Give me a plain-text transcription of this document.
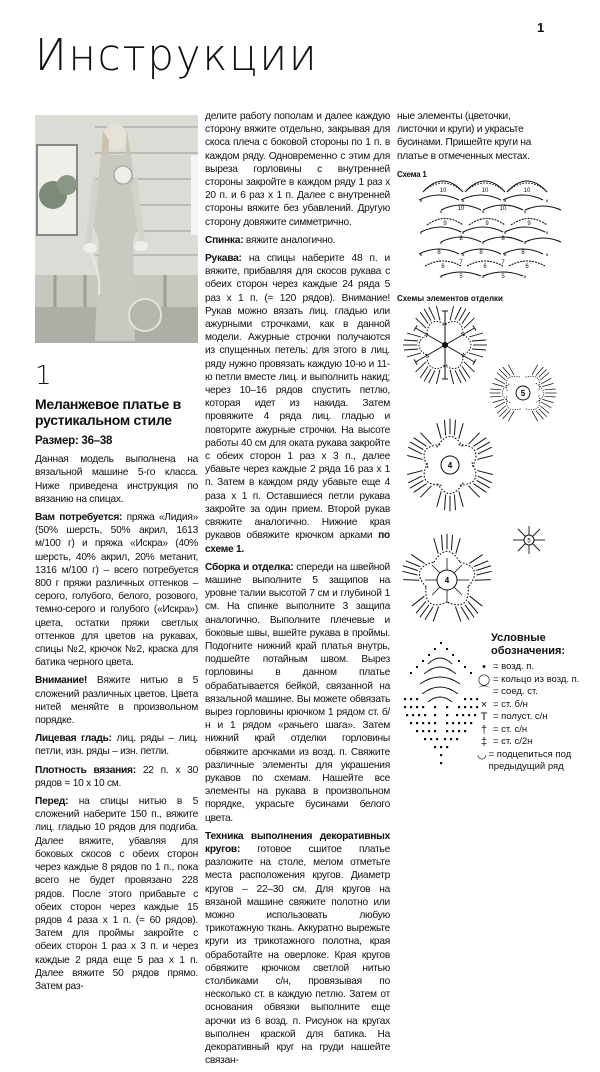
1
Инструкции
1
Меланжевое платье в рустикальном стиле
Размер: 36–38

Данная модель выполнена на вязальной машине 5-го класса. Ниже приведена инструкция по вязанию на спицах.

Вам потребуется: пряжа «Лидия» (50% шерсть, 50% акрил, 1613 м/100 г) и пряжа «Искра» (40% шерсть, 40% акрил, 20% метанит, 1316 м/100 г) – всего потребуется 800 г пряжи различных оттенков – серого, голубого, белого, розового, темно-серого и голубого («Искра») цвета, остатки пряжи светлых оттенков для цветов на рукавах, спицы №2, крючок №2, краска для батика черного цвета.

Внимание! Вяжите нитью в 5 сложений различных цветов. Цвета нитей меняйте в произвольном порядке.

Лицевая гладь: лиц. ряды – лиц. петли, изн. ряды – изн. петли.

Плотность вязания: 22 п. х 30 рядов = 10 х 10 см.

Перед: на спицы нитью в 5 сложений наберите 150 п., вяжите лиц. гладью 10 рядов для подгиба. Далее вяжите, убавляя для боковых скосов с обеих сторон через каждые 8 рядов по 1 п., пока всего не будет провязано 228 рядов. После этого прибавьте с обеих сторон через каждые 15 рядов 4 раза х 1 п. (= 60 рядов). Затем для проймы закройте с обеих сторон 1 раз х 3 п. и через каждые 2 ряда еще 5 раз х 1 п. Далее вяжите 50 рядов прямо. Затем раз-

делите работу пополам и далее каждую сторону вяжите отдельно, закрывая для скоса плеча с боковой стороны по 1 п. в каждом ряду. Одновременно с этим для выреза горловины с внутренней стороны закройте в каждом ряду 1 раз х 20 п. и 6 раз х 1 п. Далее с внутренней стороны вяжите без убавлений. Другую сторону довяжите симметрично.

Спинка: вяжите аналогично.

Рукава: на спицы наберите 48 п. и вяжите, прибавляя для скосов рукава с обеих сторон через каждые 24 ряда 5 раз х 1 п. (= 120 рядов). Внимание! Рукав можно вязать лиц. гладью или ажурными строчками, как в данной модели. Ажурные строчки получаются из спущенных петель: для этого в лиц. ряду нужно провязать каждую 10-ю и 11-ю петли вместе лиц. и выполнить накид; через 10–16 рядов спустить петлю, которая идет из накида. Затем провяжите 4 ряда лиц. гладью и повторите ажурные строчки. На высоте работы 40 см для оката рукава закройте с обеих сторон 1 раз х 3 п., далее убавьте через каждые 2 ряда 16 раз х 1 п. Затем в каждом ряду убавьте еще 4 раза х 1 п. Оставшиеся петли рукава закройте за один прием. Второй рукав свяжите аналогично. Нижние края рукавов обвяжите крючком арками по схеме 1.

Сборка и отделка: спереди на швейной машине выполните 5 защипов на уровне талии высотой 7 см и глубиной 1 см. На спинке выполните 3 защипа аналогично. Выполните плечевые и боковые швы, вшейте рукава в проймы. Подогните нижний край платья внутрь, подшейте потайным швом. Вырез горловины в данном платье обрабатывается бейкой, связанной на вязальной машине. Вы можете обвязать вырез горловины крючком 1 рядом ст. б/н и 1 рядом «рачьего шага». Затем нижний край отделки горловины обвяжите арочками из возд. п. Свяжите различные элементы для украшения рукавов по схемам. Нашейте все элементы на рукава в произвольном порядке, украсьте бусинами белого цвета.

Техника выполнения декоративных кругов: готовое сшитое платье разложите на столе, мелом отметьте места расположения кругов. Диаметр кругов – 22–30 см. Для кругов на вязаной машине свяжите полотно или можно использовать любую трикотажную ткань. Аккуратно вырежьте круги из трикотажного полотна, края обработайте на оверлоке. Края кругов обвяжите крючком светлой нитью столбиками с/н, провязывая по несколько ст. в каждую петлю. Затем от основания обвязки выполните еще арочки из 6 возд. п. Рисунок на кругах выполнен краской для батика. На декоративный круг на груди нашейте связан-

ные элементы (цветочки, листочки и круги) и украсьте бусинами. Пришейте круги на платье в отмеченных местах.

Схема 1
10	10	10
10	10
9	9	9
8	8
8	8	8
7	7
6	6	6
5	5
×	×	×	×
×	×	×
×	×	×	×
×	×	×
×	×	×	×
×	×	×
Схемы элементов отделки
5
4
5
4
Условные обозначения:
• = возд. п.
◯ = кольцо из возд. п.
⌒ = соед. ст.
× = ст. б/н
T = полуст. с/н
† = ст. с/н
‡ = ст. с/2н
◡ = подцепиться под предыдущий ряд
